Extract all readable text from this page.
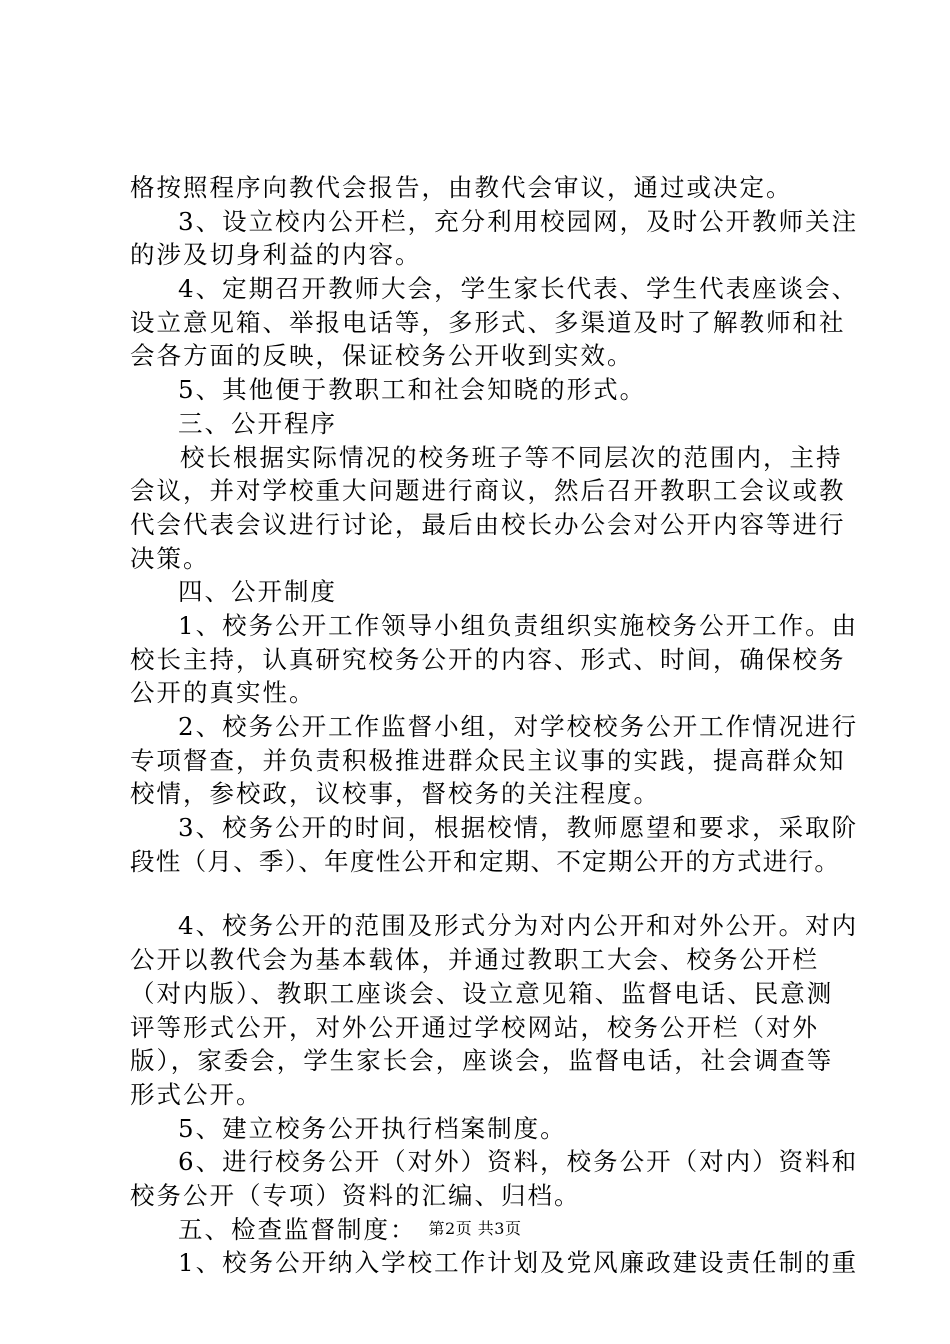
格按照程序向教代会报告，由教代会审议，通过或决定。
3、设立校内公开栏，充分利用校园网，及时公开教师关注
的涉及切身利益的内容。
4、定期召开教师大会，学生家长代表、学生代表座谈会、
设立意见箱、举报电话等，多形式、多渠道及时了解教师和社
会各方面的反映，保证校务公开收到实效。
5、其他便于教职工和社会知晓的形式。
三、公开程序
校长根据实际情况的校务班子等不同层次的范围内，主持
会议，并对学校重大问题进行商议，然后召开教职工会议或教
代会代表会议进行讨论，最后由校长办公会对公开内容等进行
决策。
四、公开制度
1、校务公开工作领导小组负责组织实施校务公开工作。由
校长主持，认真研究校务公开的内容、形式、时间，确保校务
公开的真实性。
2、校务公开工作监督小组，对学校校务公开工作情况进行
专项督查，并负责积极推进群众民主议事的实践，提高群众知
校情，参校政，议校事，督校务的关注程度。
3、校务公开的时间，根据校情，教师愿望和要求，采取阶
段性（月、季）、年度性公开和定期、不定期公开的方式进行。
4、校务公开的范围及形式分为对内公开和对外公开。对内
公开以教代会为基本载体，并通过教职工大会、校务公开栏
（对内版）、教职工座谈会、设立意见箱、监督电话、民意测
评等形式公开，对外公开通过学校网站，校务公开栏（对外
版），家委会，学生家长会，座谈会，监督电话，社会调查等
形式公开。
5、建立校务公开执行档案制度。
6、进行校务公开（对外）资料，校务公开（对内）资料和
校务公开（专项）资料的汇编、归档。
五、检查监督制度：
1、校务公开纳入学校工作计划及党风廉政建设责任制的重
第2页 共3页
